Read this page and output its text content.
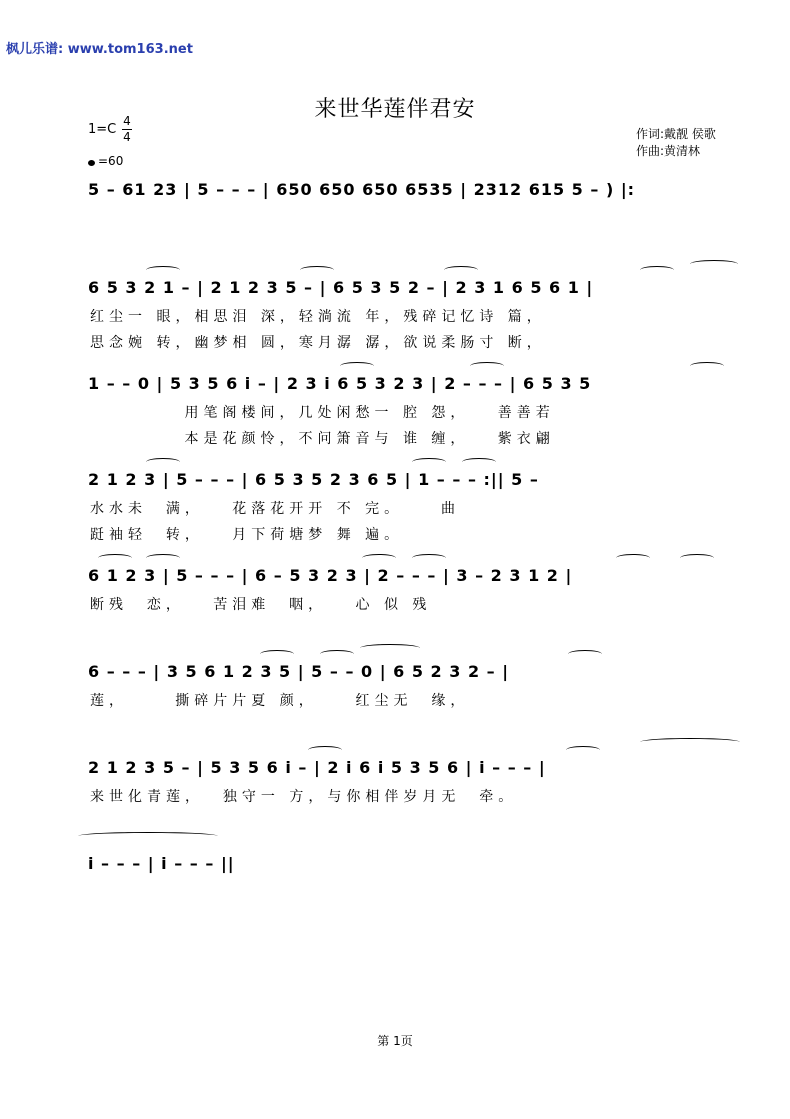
枫儿乐谱: www.tom163.net
来世华莲伴君安
1=C
4
4
=60
作词:戴靓 侯歌
作曲:黄清林
5 – 61 23 | 5 – – – | 650 650 650 6535 | 2312 615 5 – ) |:
6 5 3 2 1 – | 2 1 2 3 5 – | 6 5 3 5 2 – | 2 3 1 6 5 6 1 |
红尘一 眼，相思泪 深，轻淌流 年，残碎记忆诗 篇，
思念婉 转，幽梦相 圆，寒月潺 潺，欲说柔肠寸 断，
1 – – 0 | 5 3 5 6 i – | 2 3 i 6 5 3 2 3 | 2 – – – | 6 5 3 5
用笔阁楼间，几处闲愁一 腔 怨，   善善若
本是花颜怜，不问箫音与 谁 缠，   紫衣翩
2 1 2 3 | 5 – – – | 6 5 3 5 2 3 6 5 | 1 – – – :|| 5 –
水水未  满，   花落花开开 不 完。    曲
跹袖轻  转，   月下荷塘梦 舞 遍。
6 1 2 3 | 5 – – – | 6 – 5 3 2 3 | 2 – – – | 3 – 2 3 1 2 |
断残  恋，   苦泪难  咽，   心 似 残
6 – – – | 3 5 6 1 2 3 5 | 5 – – 0 | 6 5 2 3 2 – |
莲，     撕碎片片夏 颜，    红尘无  缘，
2 1 2 3 5 – | 5 3 5 6 i – | 2 i 6 i 5 3 5 6 | i – – – |
来世化青莲，  独守一 方，与你相伴岁月无  牵。
i – – – | i – – – ||
第 1页
